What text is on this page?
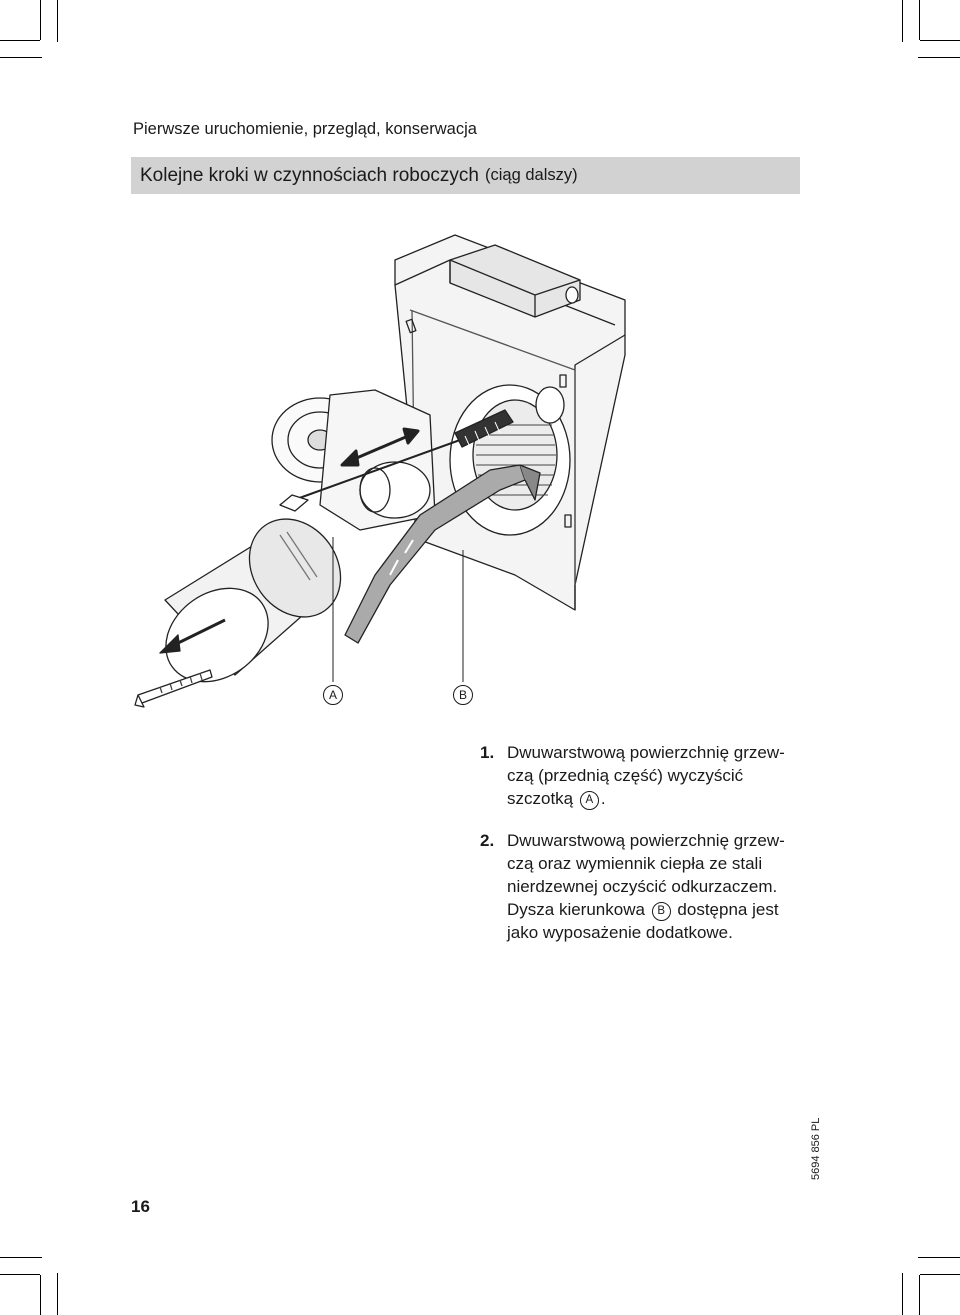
Pierwsze uruchomienie, przegląd, konserwacja
Kolejne kroki w czynnościach roboczych (ciąg dalszy)
A	B
1. Dwuwarstwową powierzchnię grzew-
czą (przednią część) wyczyścić
szczotką A .
2. Dwuwarstwową powierzchnię grzew-
czą oraz wymiennik ciepła ze stali
nierdzewnej oczyścić odkurzaczem.
Dysza kierunkowa B dostępna jest
jako wyposażenie dodatkowe.
16
5694 856 PL
